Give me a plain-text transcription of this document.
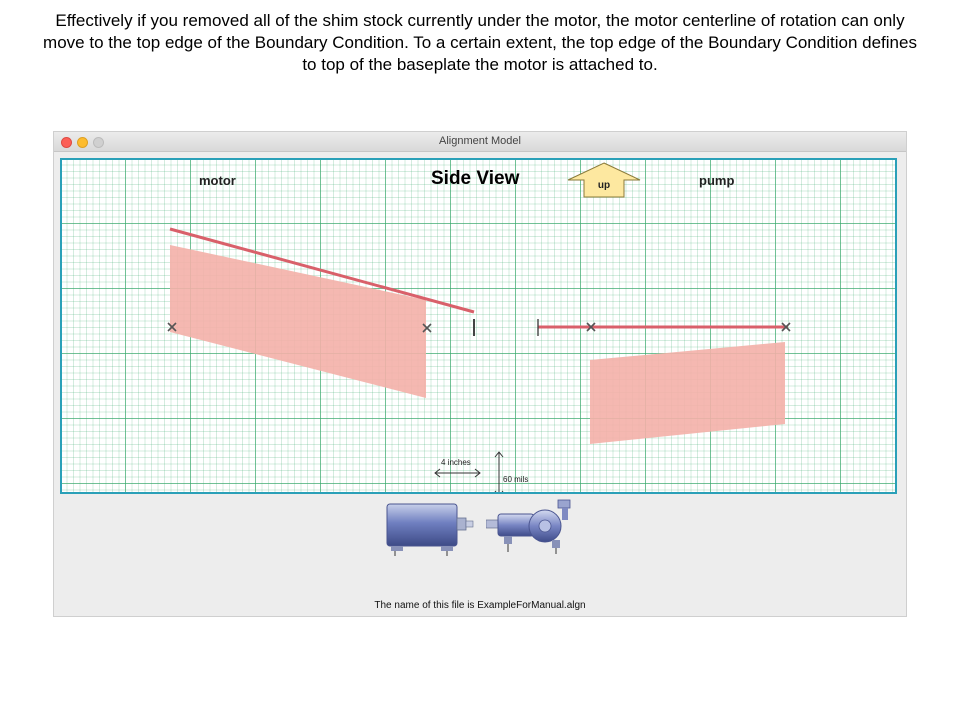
Effectively if you removed all of the shim stock currently under the motor, the motor centerline of rotation can only move to the top edge of the Boundary Condition. To a certain extent, the top edge of the Boundary Condition defines to top of the baseplate the motor is attached to.
Alignment Model
motor	Side View	pump
up
4 inches
60 mils
The name of this file is ExampleForManual.algn
